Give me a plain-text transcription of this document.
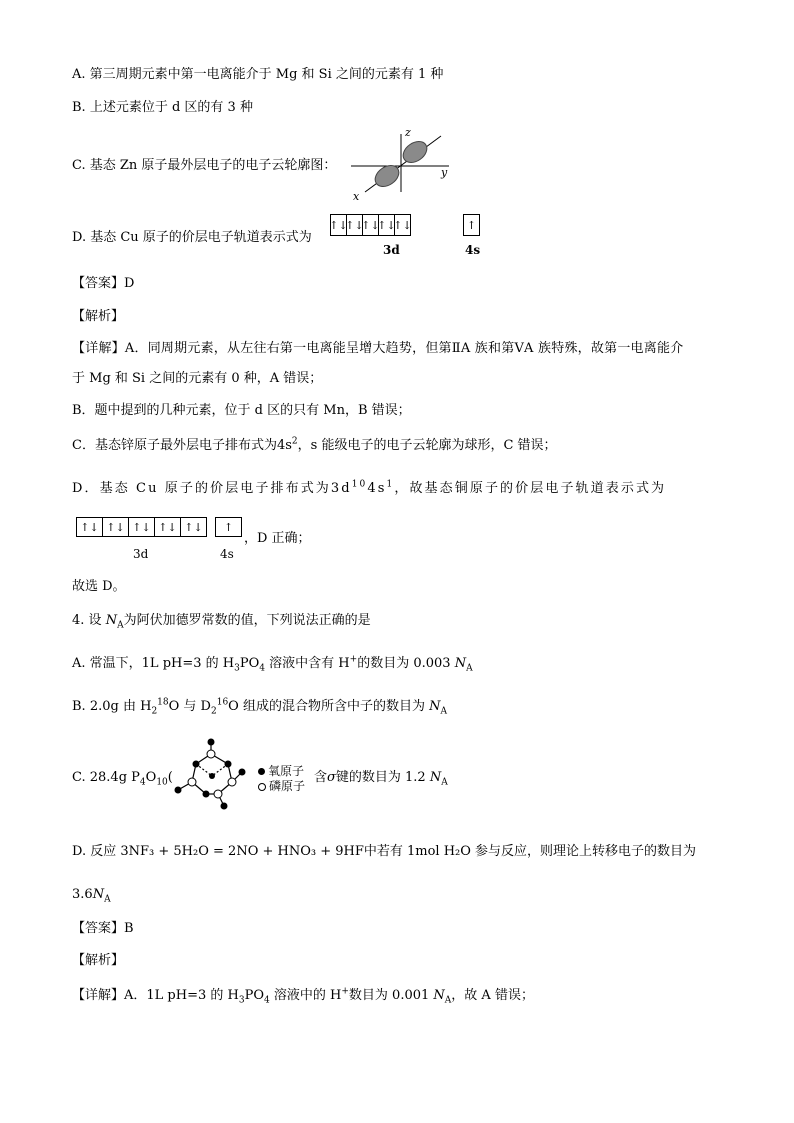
A. 第三周期元素中第一电离能介于 Mg 和 Si 之间的元素有 1 种
B. 上述元素位于 d 区的有 3 种
C. 基态 Zn 原子最外层电子的电子云轮廓图：
z
y
x
D. 基态 Cu 原子的价层电子轨道表示式为
↑↓
↑↓
↑↓
↑↓
↑↓	↑
3d	4s
【答案】D
【解析】
【详解】A．同周期元素，从左往右第一电离能呈增大趋势，但第ⅡA 族和第ⅤA 族特殊，故第一电离能介
于 Mg 和 Si 之间的元素有 0 种，A 错误；
B．题中提到的几种元素，位于 d 区的只有 Mn，B 错误；
C．基态锌原子最外层电子排布式为$4s^2$，s 能级电子的电子云轮廓为球形，C 错误；
D．基态 Cu 原子的价层电子排布式为$3d^{10}4s^1$，故基态铜原子的价层电子轨道表示式为
↑↓ ↑↓ ↑↓ ↑↓ ↑↓	↑
3d	4s
，D 正确；
故选 D。
4. 设 $N_A$为阿伏加德罗常数的值，下列说法正确的是
A. 常温下，1L pH=3 的 $H_3PO_4$ 溶液中含有 H+的数目为 0.003 $N_A$
B. 2.0g 由 $H_2^{18}O$ 与 $D_2^{16}O$ 组成的混合物所含中子的数目为 $N_A$
C. 28.4g $P_4O_{10}$(	氧原子
磷原子
含σ键的数目为 1.2 $N_A$
D. 反应 3NF₃ + 5H₂O = 2NO + HNO₃ + 9HF中若有 1mol H₂O 参与反应，则理论上转移电子的数目为
$3.6N_A$
【答案】B
【解析】
【详解】A．1L pH=3 的 $H_3PO_4$ 溶液中的 H+数目为 0.001 $N_A$，故 A 错误；
